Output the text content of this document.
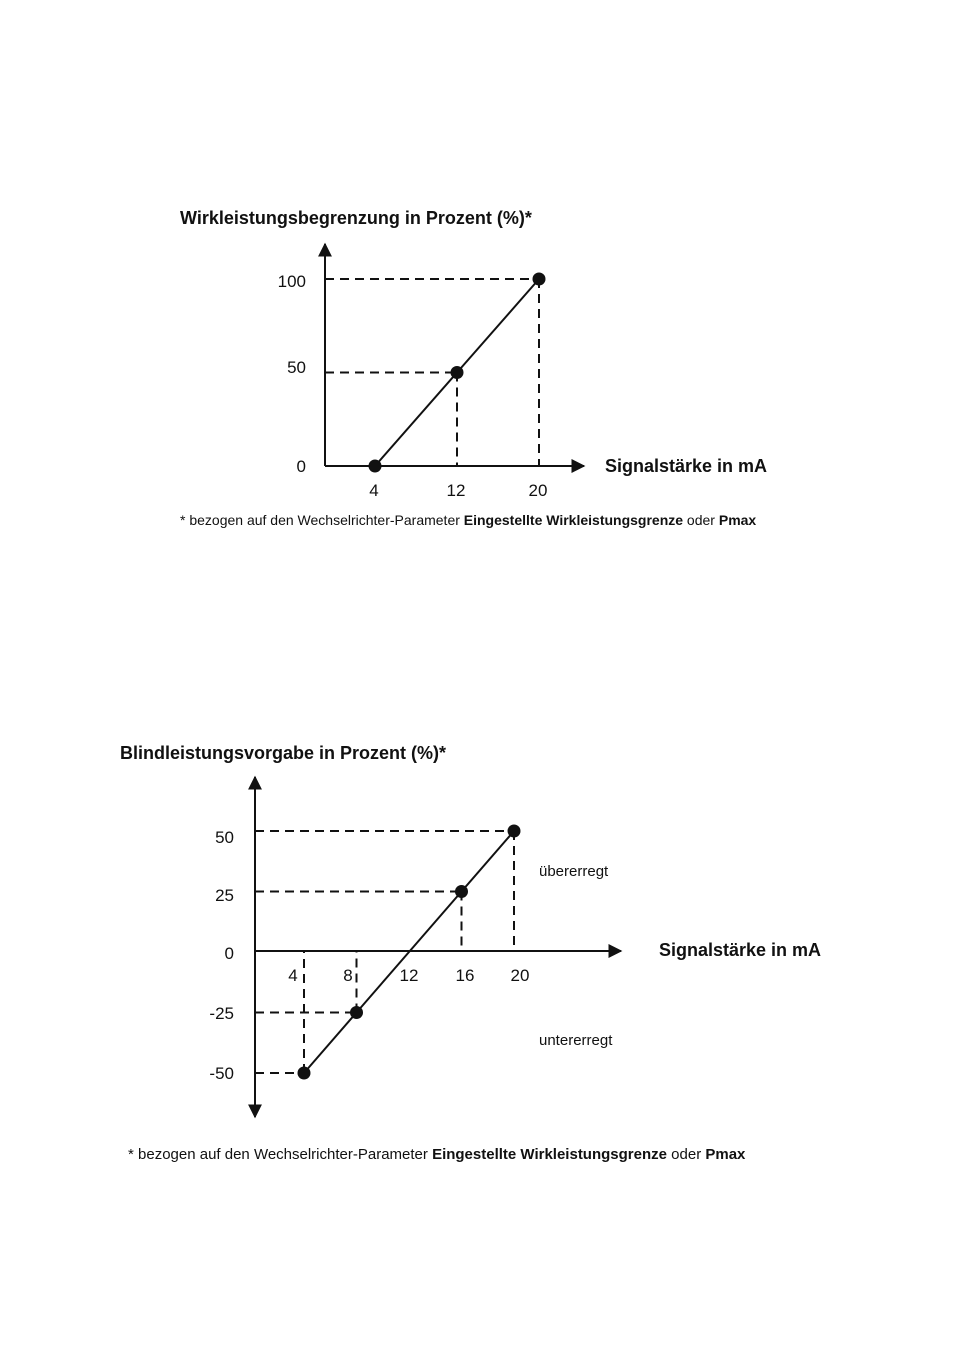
Wirkleistungsbegrenzung in Prozent (%)*
Signalstärke in mA
0
50
100
4	12	20
* bezogen auf den Wechselrichter-Parameter Eingestellte Wirkleistungsgrenze oder Pmax
Blindleistungsvorgabe in Prozent (%)*
Signalstärke in mA
50
25
0
-25
-50
4	8	12 16 20
übererregt
untererregt
* bezogen auf den Wechselrichter-Parameter Eingestellte Wirkleistungsgrenze oder Pmax
